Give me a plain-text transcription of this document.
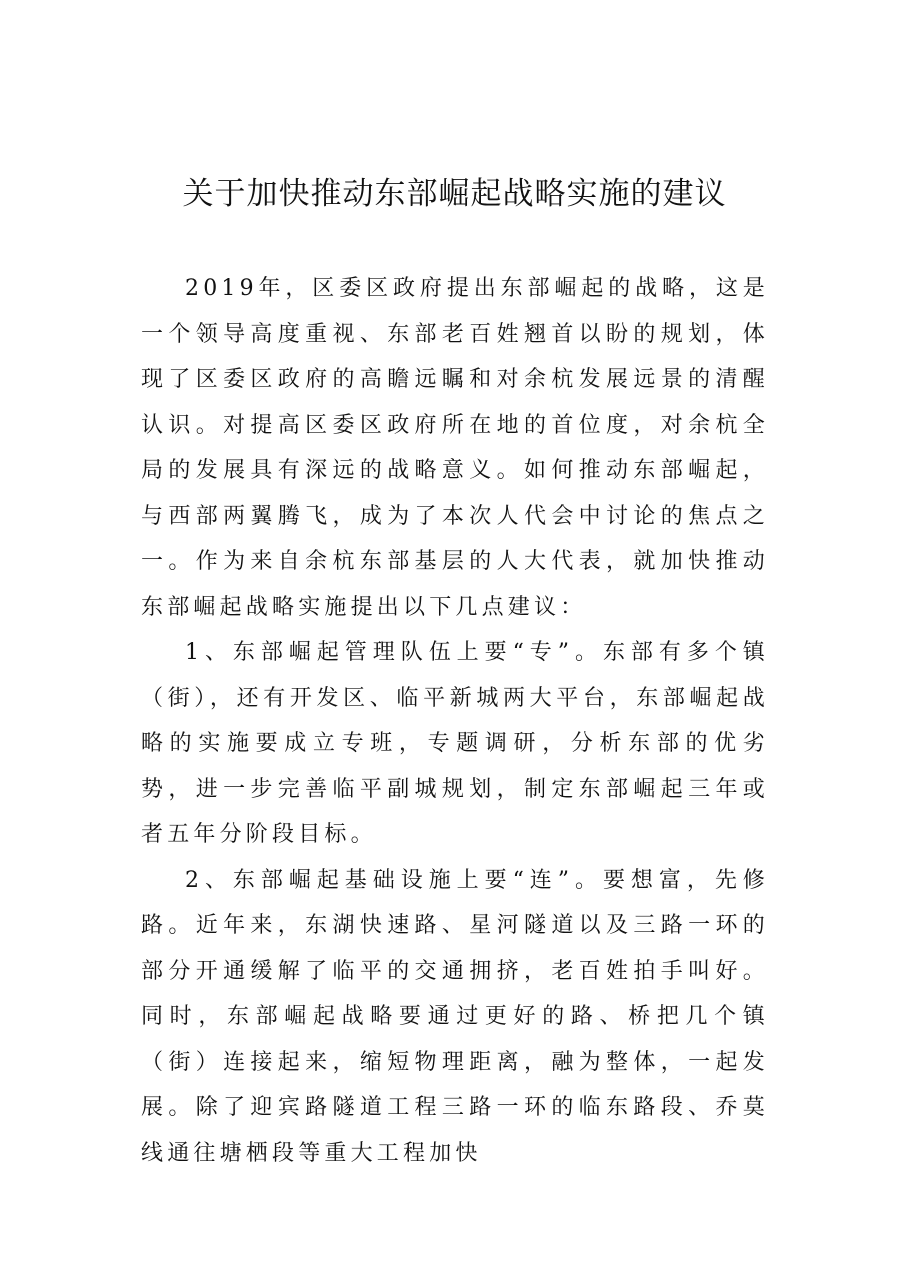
关于加快推动东部崛起战略实施的建议

2019年，区委区政府提出东部崛起的战略，这是一个领导高度重视、东部老百姓翘首以盼的规划，体现了区委区政府的高瞻远瞩和对余杭发展远景的清醒认识。对提高区委区政府所在地的首位度，对余杭全局的发展具有深远的战略意义。如何推动东部崛起，与西部两翼腾飞，成为了本次人代会中讨论的焦点之一。作为来自余杭东部基层的人大代表，就加快推动东部崛起战略实施提出以下几点建议：

1、东部崛起管理队伍上要“专”。东部有多个镇（街），还有开发区、临平新城两大平台，东部崛起战略的实施要成立专班，专题调研，分析东部的优劣势，进一步完善临平副城规划，制定东部崛起三年或者五年分阶段目标。

2、东部崛起基础设施上要“连”。要想富，先修路。近年来，东湖快速路、星河隧道以及三路一环的部分开通缓解了临平的交通拥挤，老百姓拍手叫好。同时，东部崛起战略要通过更好的路、桥把几个镇（街）连接起来，缩短物理距离，融为整体，一起发展。除了迎宾路隧道工程三路一环的临东路段、乔莫线通往塘栖段等重大工程加快
